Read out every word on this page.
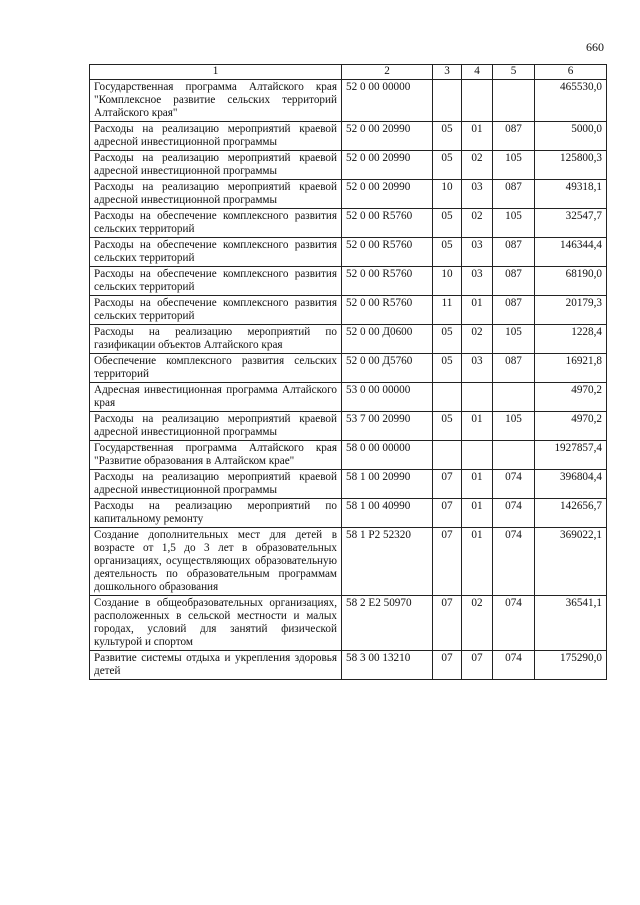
660
1	2	3	4	5	6
Государственная программа Алтайского края "Комплексное развитие сельских территорий Алтайского края"	52 0 00 00000				465530,0
Расходы на реализацию мероприятий краевой адресной инвестиционной программы	52 0 00 20990	05	01	087	5000,0
Расходы на реализацию мероприятий краевой адресной инвестиционной программы	52 0 00 20990	05	02	105	125800,3
Расходы на реализацию мероприятий краевой адресной инвестиционной программы	52 0 00 20990	10	03	087	49318,1
Расходы на обеспечение комплексного развития сельских территорий	52 0 00 R5760	05	02	105	32547,7
Расходы на обеспечение комплексного развития сельских территорий	52 0 00 R5760	05	03	087	146344,4
Расходы на обеспечение комплексного развития сельских территорий	52 0 00 R5760	10	03	087	68190,0
Расходы на обеспечение комплексного развития сельских территорий	52 0 00 R5760	11	01	087	20179,3
Расходы на реализацию мероприятий по газификации объектов Алтайского края	52 0 00 Д0600	05	02	105	1228,4
Обеспечение комплексного развития сельских территорий	52 0 00 Д5760	05	03	087	16921,8
Адресная инвестиционная программа Алтайского края	53 0 00 00000				4970,2
Расходы на реализацию мероприятий краевой адресной инвестиционной программы	53 7 00 20990	05	01	105	4970,2
Государственная программа Алтайского края "Развитие образования в Алтайском крае"	58 0 00 00000				1927857,4
Расходы на реализацию мероприятий краевой адресной инвестиционной программы	58 1 00 20990	07	01	074	396804,4
Расходы на реализацию мероприятий по капитальному ремонту	58 1 00 40990	07	01	074	142656,7
Создание дополнительных мест для детей в возрасте от 1,5 до 3 лет в образовательных организациях, осуществляющих образовательную деятельность по образовательным программам дошкольного образования	58 1 P2 52320	07	01	074	369022,1
Создание в общеобразовательных организациях, расположенных в сельской местности и малых городах, условий для занятий физической культурой и спортом	58 2 E2 50970	07	02	074	36541,1
Развитие системы отдыха и укрепления здоровья детей	58 3 00 13210	07	07	074	175290,0
